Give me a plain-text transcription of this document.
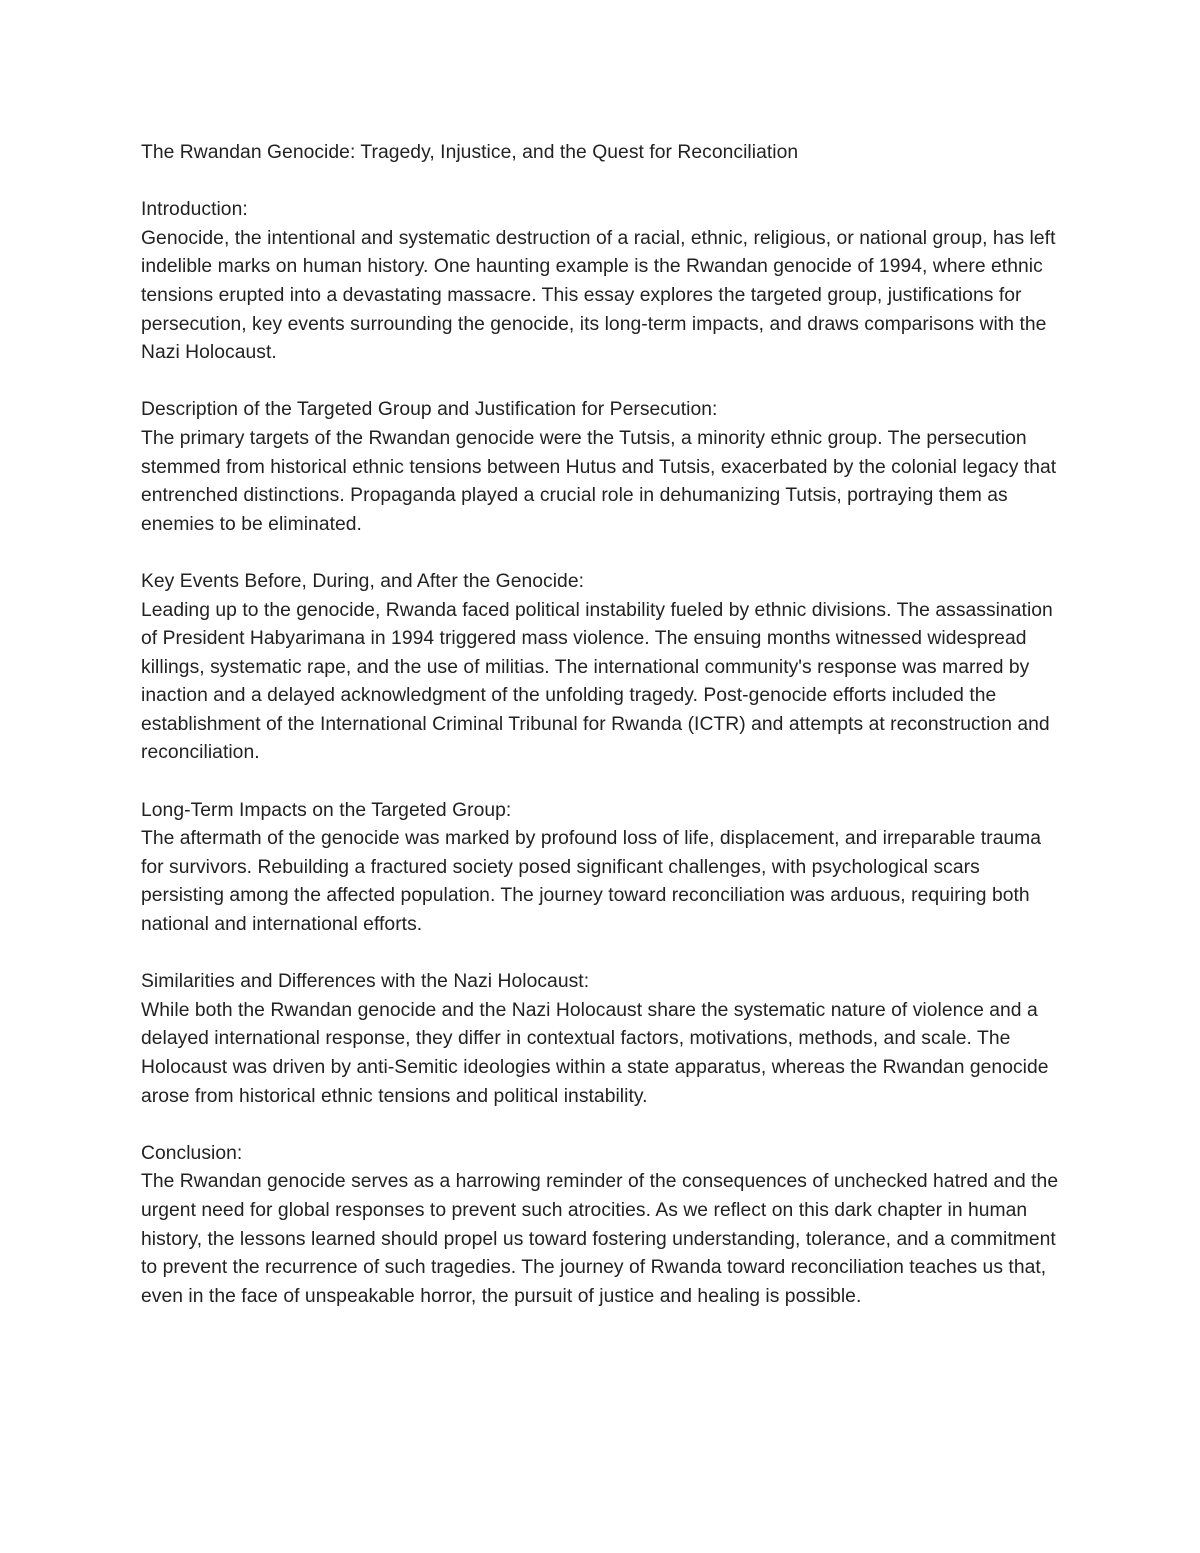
The Rwandan Genocide: Tragedy, Injustice, and the Quest for Reconciliation

Introduction:
Genocide, the intentional and systematic destruction of a racial, ethnic, religious, or national group, has left indelible marks on human history. One haunting example is the Rwandan genocide of 1994, where ethnic tensions erupted into a devastating massacre. This essay explores the targeted group, justifications for persecution, key events surrounding the genocide, its long-term impacts, and draws comparisons with the Nazi Holocaust.
Description of the Targeted Group and Justification for Persecution:
The primary targets of the Rwandan genocide were the Tutsis, a minority ethnic group. The persecution stemmed from historical ethnic tensions between Hutus and Tutsis, exacerbated by the colonial legacy that entrenched distinctions. Propaganda played a crucial role in dehumanizing Tutsis, portraying them as enemies to be eliminated.
Key Events Before, During, and After the Genocide:
Leading up to the genocide, Rwanda faced political instability fueled by ethnic divisions. The assassination of President Habyarimana in 1994 triggered mass violence. The ensuing months witnessed widespread killings, systematic rape, and the use of militias. The international community's response was marred by inaction and a delayed acknowledgment of the unfolding tragedy. Post-genocide efforts included the establishment of the International Criminal Tribunal for Rwanda (ICTR) and attempts at reconstruction and reconciliation.
Long-Term Impacts on the Targeted Group:
The aftermath of the genocide was marked by profound loss of life, displacement, and irreparable trauma for survivors. Rebuilding a fractured society posed significant challenges, with psychological scars persisting among the affected population. The journey toward reconciliation was arduous, requiring both national and international efforts.
Similarities and Differences with the Nazi Holocaust:
While both the Rwandan genocide and the Nazi Holocaust share the systematic nature of violence and a delayed international response, they differ in contextual factors, motivations, methods, and scale. The Holocaust was driven by anti-Semitic ideologies within a state apparatus, whereas the Rwandan genocide arose from historical ethnic tensions and political instability.
Conclusion:
The Rwandan genocide serves as a harrowing reminder of the consequences of unchecked hatred and the urgent need for global responses to prevent such atrocities. As we reflect on this dark chapter in human history, the lessons learned should propel us toward fostering understanding, tolerance, and a commitment to prevent the recurrence of such tragedies. The journey of Rwanda toward reconciliation teaches us that, even in the face of unspeakable horror, the pursuit of justice and healing is possible.
